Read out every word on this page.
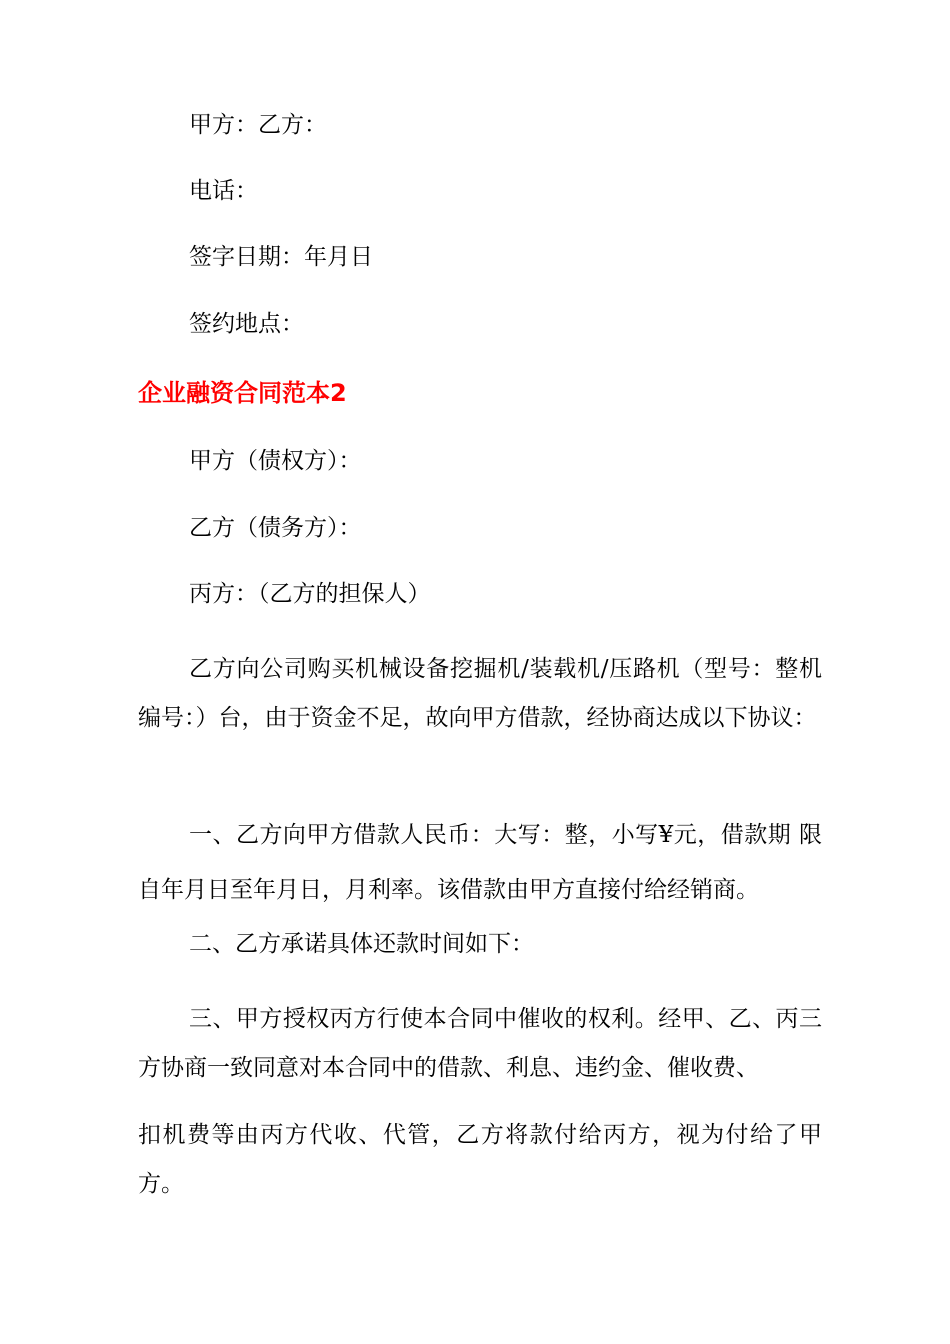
甲方：乙方：

电话：

签字日期：年月日

签约地点：

企业融资合同范本2

甲方（债权方）：

乙方（债务方）：

丙方：（乙方的担保人）

乙方向公司购买机械设备挖掘机/装载机/压路机（型号：整机编号：）台，由于资金不足，故向甲方借款，经协商达成以下协议：

一、乙方向甲方借款人民币：大写：整，小写¥元，借款期 限自年月日至年月日，月利率。该借款由甲方直接付给经销商。

二、乙方承诺具体还款时间如下：

三、甲方授权丙方行使本合同中催收的权利。经甲、乙、丙三方协商一致同意对本合同中的借款、利息、违约金、催收费、

扣机费等由丙方代收、代管，乙方将款付给丙方，视为付给了甲方。
